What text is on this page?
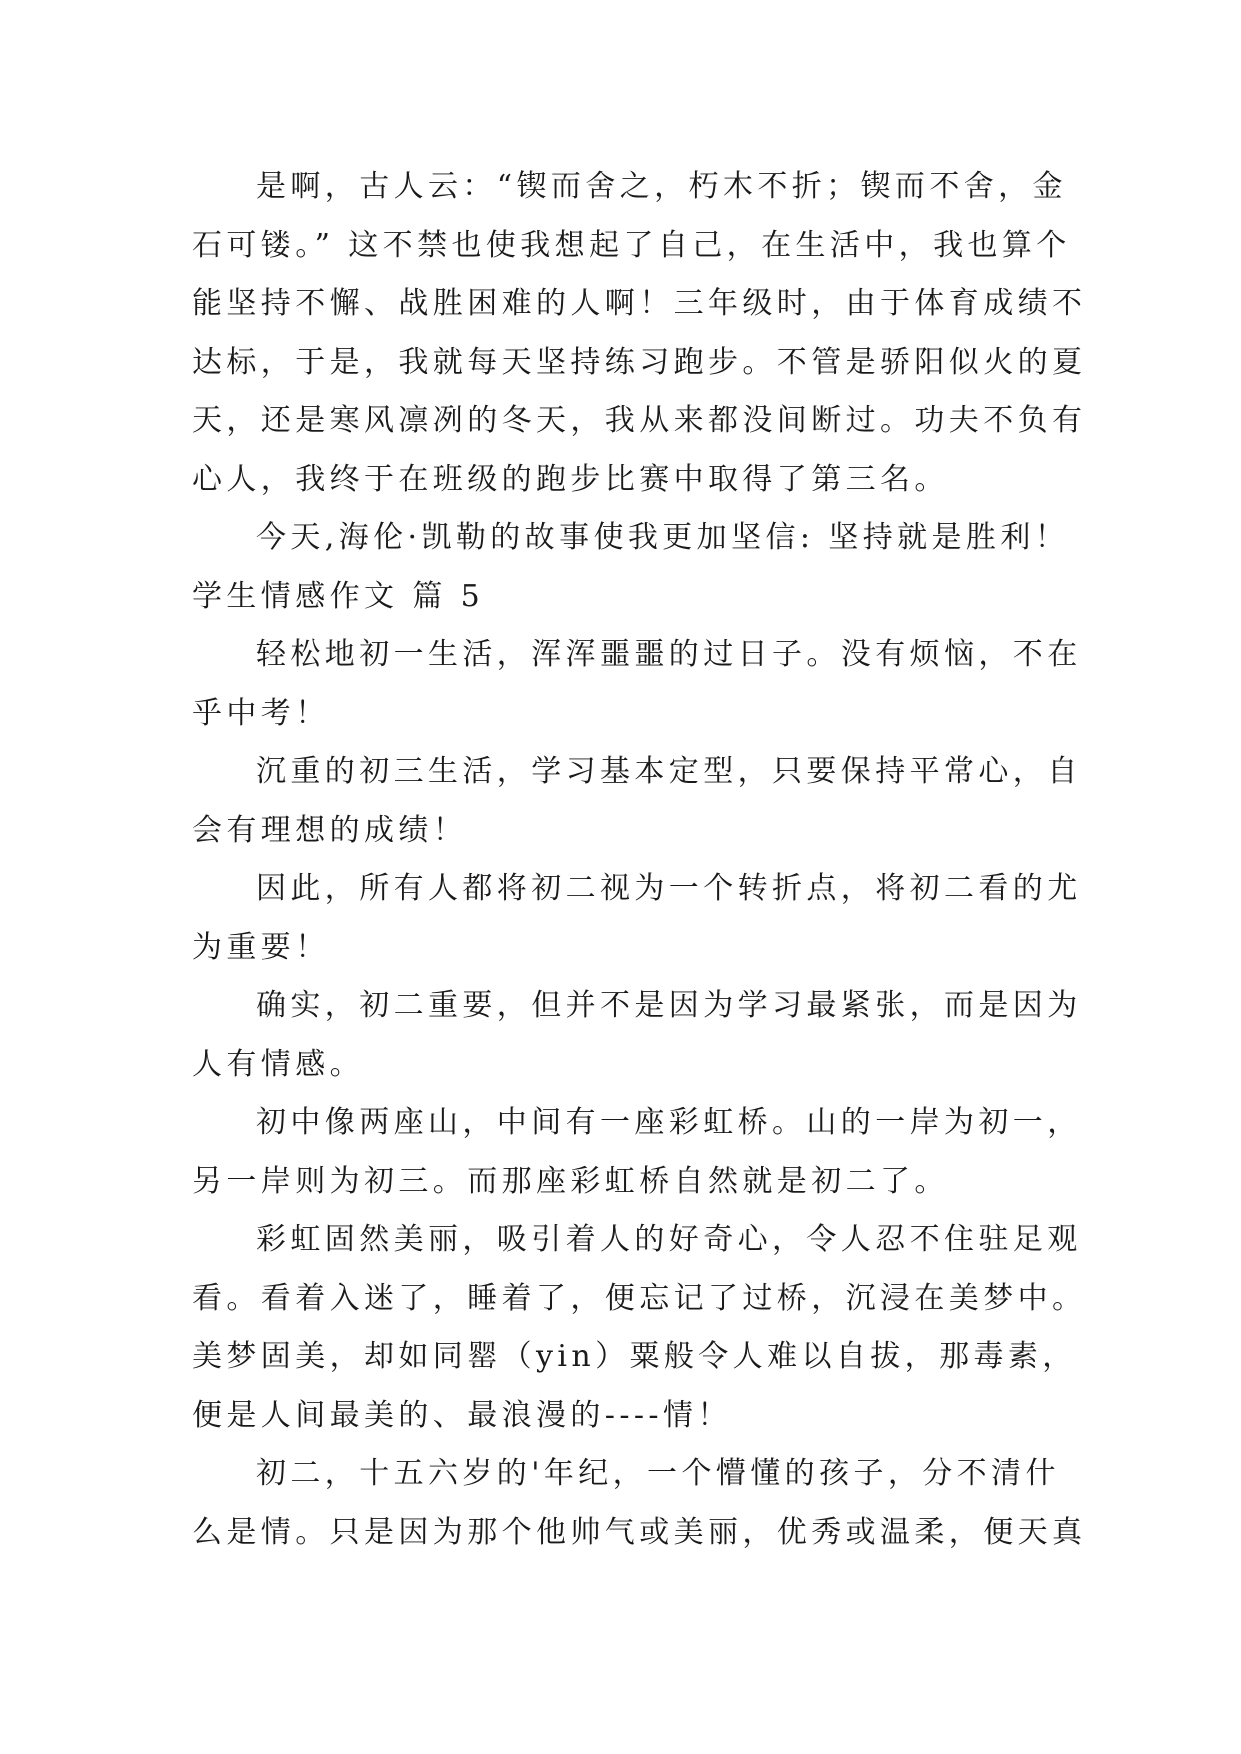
是啊，古人云：“锲而舍之，朽木不折；锲而不舍，金
石可镂。” 这不禁也使我想起了自己，在生活中，我也算个
能坚持不懈、战胜困难的人啊！三年级时，由于体育成绩不
达标，于是，我就每天坚持练习跑步。不管是骄阳似火的夏
天，还是寒风凛冽的冬天，我从来都没间断过。功夫不负有
心人，我终于在班级的跑步比赛中取得了第三名。
今天,海伦·凯勒的故事使我更加坚信: 坚持就是胜利！
学生情感作文 篇 5
轻松地初一生活，浑浑噩噩的过日子。没有烦恼，不在
乎中考！
沉重的初三生活，学习基本定型，只要保持平常心，自
会有理想的成绩！
因此，所有人都将初二视为一个转折点，将初二看的尤
为重要！
确实，初二重要，但并不是因为学习最紧张，而是因为
人有情感。
初中像两座山，中间有一座彩虹桥。山的一岸为初一，
另一岸则为初三。而那座彩虹桥自然就是初二了。
彩虹固然美丽，吸引着人的好奇心，令人忍不住驻足观
看。看着入迷了，睡着了，便忘记了过桥，沉浸在美梦中。
美梦固美，却如同罂（yin）粟般令人难以自拔，那毒素，
便是人间最美的、最浪漫的----情！
初二，十五六岁的'年纪，一个懵懂的孩子，分不清什
么是情。只是因为那个他帅气或美丽，优秀或温柔，便天真
